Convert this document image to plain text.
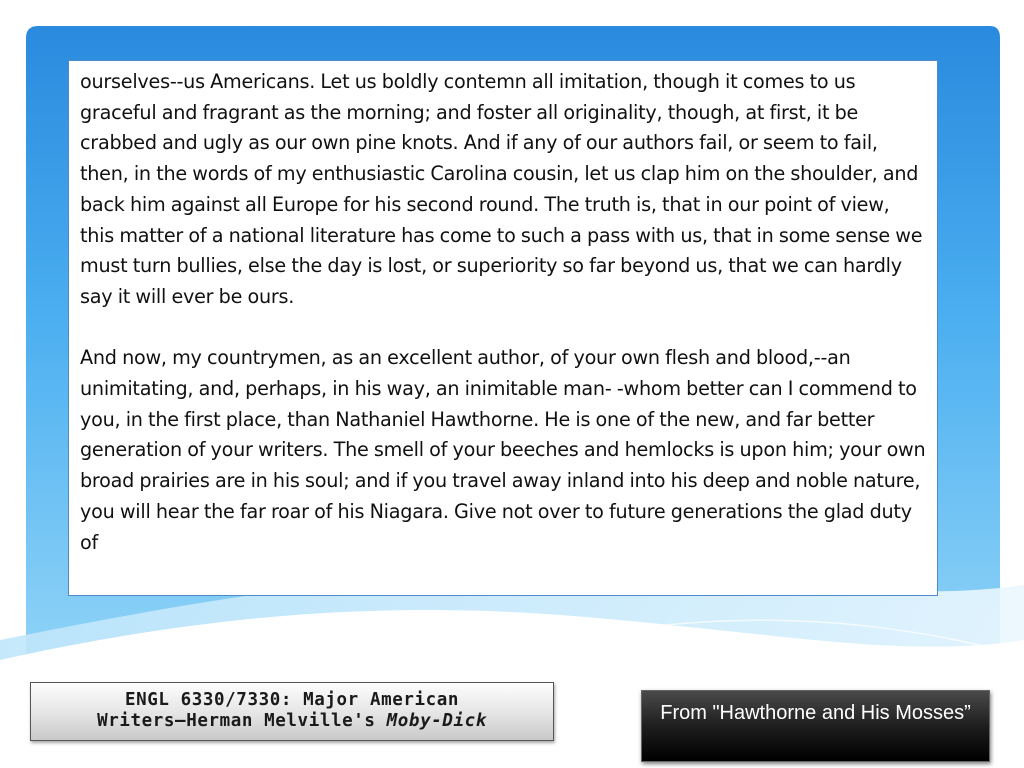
ourselves--us Americans. Let us boldly contemn all imitation, though it comes to us graceful and fragrant as the morning; and foster all originality, though, at first, it be crabbed and ugly as our own pine knots. And if any of our authors fail, or seem to fail, then, in the words of my enthusiastic Carolina cousin, let us clap him on the shoulder, and back him against all Europe for his second round. The truth is, that in our point of view, this matter of a national literature has come to such a pass with us, that in some sense we must turn bullies, else the day is lost, or superiority so far beyond us, that we can hardly say it will ever be ours.

And now, my countrymen, as an excellent author, of your own flesh and blood,--an unimitating, and, perhaps, in his way, an inimitable man- -whom better can I commend to you, in the first place, than Nathaniel Hawthorne. He is one of the new, and far better generation of your writers. The smell of your beeches and hemlocks is upon him; your own broad prairies are in his soul; and if you travel away inland into his deep and noble nature, you will hear the far roar of his Niagara. Give not over to future generations the glad duty of

ENGL 6330/7330: Major American
Writers—Herman Melville's Moby-Dick	From "Hawthorne and His Mosses”
